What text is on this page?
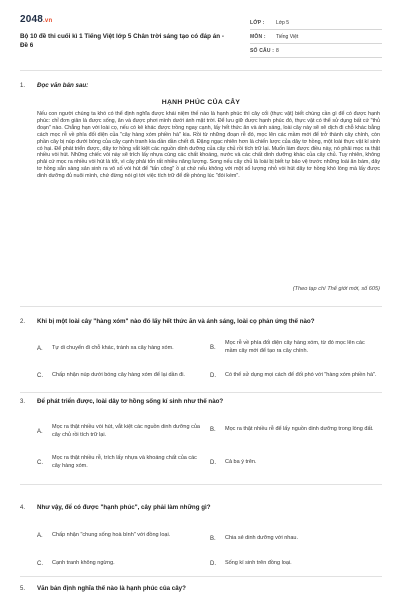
2048.vn
Bộ 10 đề thi cuối kì 1 Tiếng Việt lớp 5 Chân trời sáng tạo có đáp án - Đề 6
LỚP :	Lớp 5
MÔN :	Tiếng Việt
SỐ CÂU : 8
1. Đọc văn bản sau:
HẠNH PHÚC CỦA CÂY
Nếu con người chúng ta khó có thể định nghĩa được khái niệm thế nào là hạnh phúc thì cây cối (thực vật) biết chúng cần gì để có được hạnh phúc: chỉ đơn giản là được sống, ăn và được phơi mình dưới ánh mặt trời. Để lưu giữ được hạnh phúc đó, thực vật có thể sử dụng bất cứ "thủ đoạn" nào. Chẳng hạn với loài cọ, nếu có kẻ khác được trồng ngay cạnh, lấy hết thức ăn và ánh sáng, loài cây này sẽ xê dịch đi chỗ khác bằng cách mọc rễ về phía đối diện của "cây hàng xóm phiền hà" kia. Rồi từ những đoạn rễ đó, mọc lên các mầm mới để trở thành cây chính, còn phần cây bị núp dưới bóng của cây cạnh tranh kia dần dần chết đi. Đặng ngạc nhiên hơn là chiến lược của dây tơ hồng, một loài thực vật kí sinh có hại. Để phát triển được, dây tơ hồng vắt kiệt các nguồn dinh dưỡng của cây chủ rồi tích trữ lại. Muốn làm được điều này, nó phải mọc ra thật nhiều vòi hút. Những chiếc vòi này sẽ trích lấy nhựa cùng các chất khoáng, nước và các chất dinh dưỡng khác của cây chủ. Tuy nhiên, không phải cứ mọc ra nhiều vòi hút là tốt, vì cây phải tốn rất nhiều năng lượng. Song nếu cây chủ là loài bị biết tự bảo vệ trước những loài ăn bám, dây tơ hồng sẵn sàng sản sinh ra vô số vòi hút để "tấn công" ồ ạt chứ nếu không với một số lượng nhỏ vòi hút dây tơ hồng khó lòng mà lấy được dinh dưỡng đủ nuôi mình, chứ đừng nói gì tới việc tích trữ để đề phòng lúc "đói kém".
(Theo tạp chí Thế giới mới, số 605)
2. Khi bị một loài cây "hàng xóm" nào đó lấy hết thức ăn và ánh sáng, loài cọ phản ứng thế nào?
A.	Tự di chuyển đi chỗ khác, tránh xa cây hàng xóm.	B.
Mọc rễ về phía đối diện cây hàng xóm, từ đó mọc lên các mầm cây mới để tạo ra cây chính.
C.	Chấp nhận núp dưới bóng cây hàng xóm để lại dần đi.	D.	Có thể sử dụng mọi cách để đối phó với "hàng xóm phiền hà".
3. Để phát triển được, loài dây tơ hồng sống kí sinh như thế nào?
A.
Mọc ra thật nhiều vòi hút, vắt kiệt các nguồn dinh dưỡng của cây chủ rồi tích trữ lại.
B.	Mọc ra thật nhiều rễ để lấy nguồn dinh dưỡng trong lòng đất.
C.
Mọc ra thật nhiều rễ, trích lấy nhựa và khoáng chất của các cây hàng xóm.	D.	Cả ba ý trên.
4. Như vậy, để có được "hạnh phúc", cây phải làm những gì?
A.	Chấp nhận "chung sống hoà bình" với đồng loại.
B.	Chia sẻ dinh dưỡng với nhau.
C.	Cạnh tranh không ngừng.	D.	Sống kí sinh trên đồng loại.
5. Văn bản định nghĩa thế nào là hạnh phúc của cây?
